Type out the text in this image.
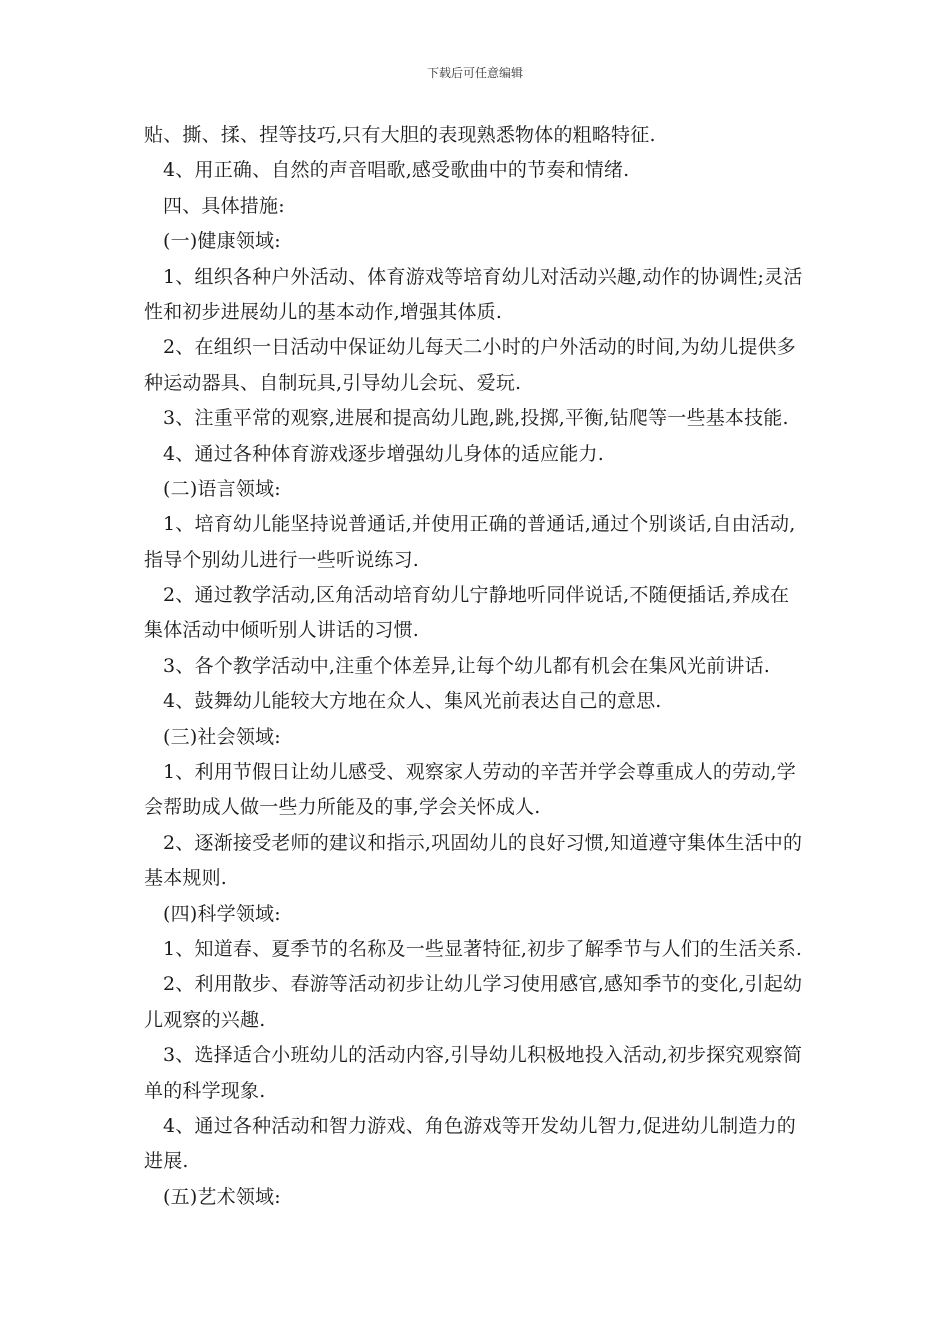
下载后可任意编辑
贴、撕、揉、捏等技巧,只有大胆的表现熟悉物体的粗略特征.
4、用正确、自然的声音唱歌,感受歌曲中的节奏和情绪.
四、具体措施:
(一)健康领域:
1、组织各种户外活动、体育游戏等培育幼儿对活动兴趣,动作的协调性;灵活
性和初步进展幼儿的基本动作,增强其体质.
2、在组织一日活动中保证幼儿每天二小时的户外活动的时间,为幼儿提供多
种运动器具、自制玩具,引导幼儿会玩、爱玩.
3、注重平常的观察,进展和提高幼儿跑,跳,投掷,平衡,钻爬等一些基本技能.
4、通过各种体育游戏逐步增强幼儿身体的适应能力.
(二)语言领域:
1、培育幼儿能坚持说普通话,并使用正确的普通话,通过个别谈话,自由活动,
指导个别幼儿进行一些听说练习.
2、通过教学活动,区角活动培育幼儿宁静地听同伴说话,不随便插话,养成在
集体活动中倾听别人讲话的习惯.
3、各个教学活动中,注重个体差异,让每个幼儿都有机会在集风光前讲话.
4、鼓舞幼儿能较大方地在众人、集风光前表达自己的意思.
(三)社会领域:
1、利用节假日让幼儿感受、观察家人劳动的辛苦并学会尊重成人的劳动,学
会帮助成人做一些力所能及的事,学会关怀成人.
2、逐渐接受老师的建议和指示,巩固幼儿的良好习惯,知道遵守集体生活中的
基本规则.
(四)科学领域:
1、知道春、夏季节的名称及一些显著特征,初步了解季节与人们的生活关系.
2、利用散步、春游等活动初步让幼儿学习使用感官,感知季节的变化,引起幼
儿观察的兴趣.
3、选择适合小班幼儿的活动内容,引导幼儿积极地投入活动,初步探究观察简
单的科学现象.
4、通过各种活动和智力游戏、角色游戏等开发幼儿智力,促进幼儿制造力的
进展.
(五)艺术领域:
